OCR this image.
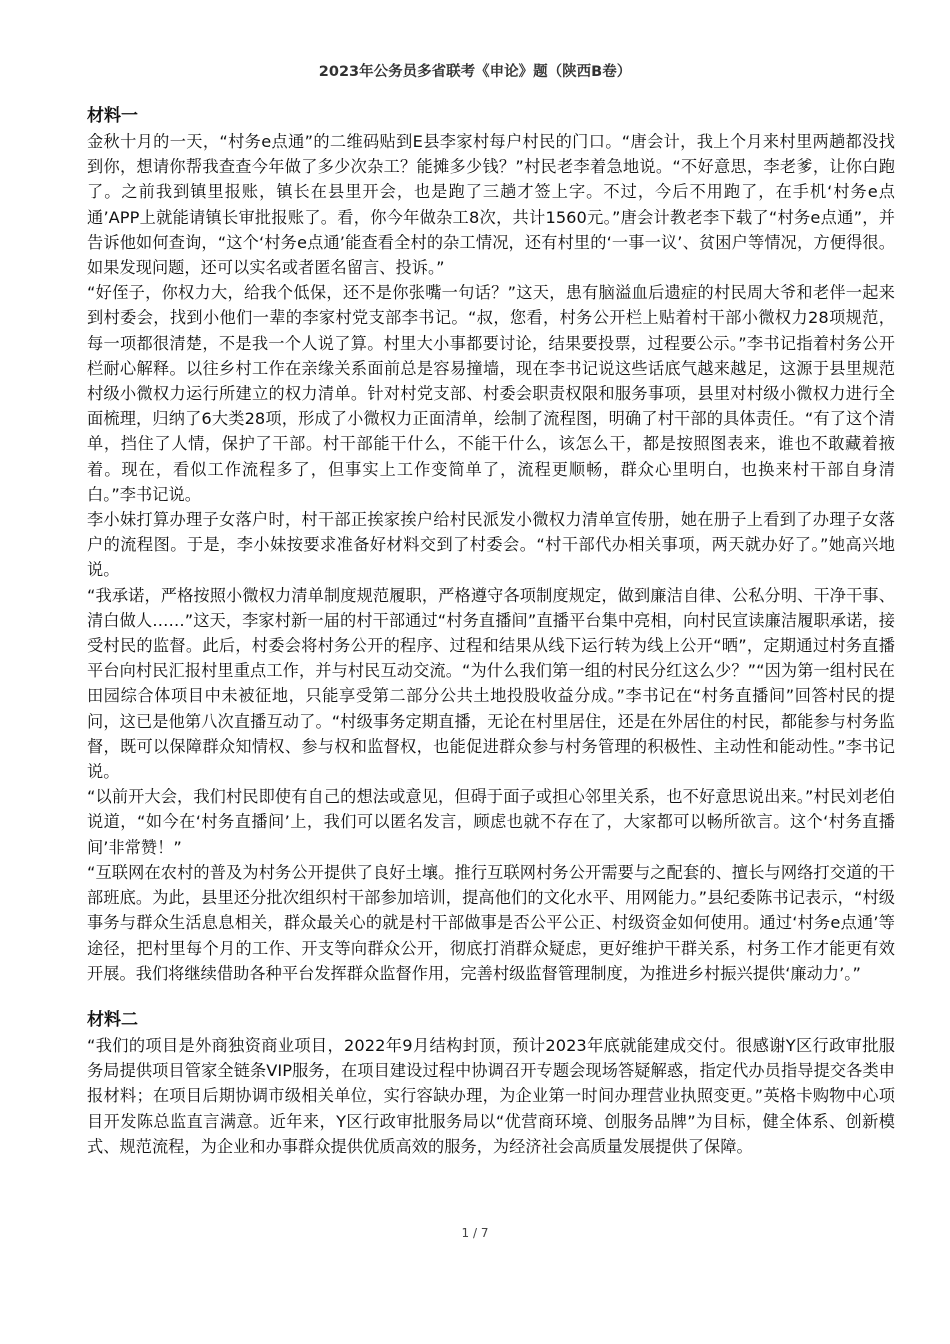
2023年公务员多省联考《申论》题（陕西B卷）

材料一

金秋十月的一天，“村务e点通”的二维码贴到E县李家村每户村民的门口。“唐会计，我上个月来村里两趟都没找到你，想请你帮我查查今年做了多少次杂工？能摊多少钱？”村民老李着急地说。“不好意思，李老爹，让你白跑了。之前我到镇里报账，镇长在县里开会，也是跑了三趟才签上字。不过，今后不用跑了，在手机‘村务e点通’APP上就能请镇长审批报账了。看，你今年做杂工8次，共计1560元。”唐会计教老李下载了“村务e点通”，并告诉他如何查询，“这个‘村务e点通’能查看全村的杂工情况，还有村里的‘一事一议’、贫困户等情况，方便得很。如果发现问题，还可以实名或者匿名留言、投诉。”

“好侄子，你权力大，给我个低保，还不是你张嘴一句话？”这天，患有脑溢血后遗症的村民周大爷和老伴一起来到村委会，找到小他们一辈的李家村党支部李书记。“叔，您看，村务公开栏上贴着村干部小微权力28项规范，每一项都很清楚，不是我一个人说了算。村里大小事都要讨论，结果要投票，过程要公示。”李书记指着村务公开栏耐心解释。以往乡村工作在亲缘关系面前总是容易撞墙，现在李书记说这些话底气越来越足，这源于县里规范村级小微权力运行所建立的权力清单。针对村党支部、村委会职责权限和服务事项，县里对村级小微权力进行全面梳理，归纳了6大类28项，形成了小微权力正面清单，绘制了流程图，明确了村干部的具体责任。“有了这个清单，挡住了人情，保护了干部。村干部能干什么，不能干什么，该怎么干，都是按照图表来，谁也不敢藏着掖着。现在，看似工作流程多了，但事实上工作变简单了，流程更顺畅，群众心里明白，也换来村干部自身清白。”李书记说。

李小妹打算办理子女落户时，村干部正挨家挨户给村民派发小微权力清单宣传册，她在册子上看到了办理子女落户的流程图。于是，李小妹按要求准备好材料交到了村委会。“村干部代办相关事项，两天就办好了。”她高兴地说。

“我承诺，严格按照小微权力清单制度规范履职，严格遵守各项制度规定，做到廉洁自律、公私分明、干净干事、清白做人……”这天，李家村新一届的村干部通过“村务直播间”直播平台集中亮相，向村民宣读廉洁履职承诺，接受村民的监督。此后，村委会将村务公开的程序、过程和结果从线下运行转为线上公开“晒”，定期通过村务直播平台向村民汇报村里重点工作，并与村民互动交流。“为什么我们第一组的村民分红这么少？”“因为第一组村民在田园综合体项目中未被征地，只能享受第二部分公共土地投股收益分成。”李书记在“村务直播间”回答村民的提问，这已是他第八次直播互动了。“村级事务定期直播，无论在村里居住，还是在外居住的村民，都能参与村务监督，既可以保障群众知情权、参与权和监督权，也能促进群众参与村务管理的积极性、主动性和能动性。”李书记说。

“以前开大会，我们村民即使有自己的想法或意见，但碍于面子或担心邻里关系，也不好意思说出来。”村民刘老伯说道，“如今在‘村务直播间’上，我们可以匿名发言，顾虑也就不存在了，大家都可以畅所欲言。这个‘村务直播间’非常赞！”

“互联网在农村的普及为村务公开提供了良好土壤。推行互联网村务公开需要与之配套的、擅长与网络打交道的干部班底。为此，县里还分批次组织村干部参加培训，提高他们的文化水平、用网能力。”县纪委陈书记表示，“村级事务与群众生活息息相关，群众最关心的就是村干部做事是否公平公正、村级资金如何使用。通过‘村务e点通’等途径，把村里每个月的工作、开支等向群众公开，彻底打消群众疑虑，更好维护干群关系，村务工作才能更有效开展。我们将继续借助各种平台发挥群众监督作用，完善村级监督管理制度，为推进乡村振兴提供‘廉动力’。”

材料二

“我们的项目是外商独资商业项目，2022年9月结构封顶，预计2023年底就能建成交付。很感谢Y区行政审批服务局提供项目管家全链条VIP服务，在项目建设过程中协调召开专题会现场答疑解惑，指定代办员指导提交各类申报材料；在项目后期协调市级相关单位，实行容缺办理，为企业第一时间办理营业执照变更。”英格卡购物中心项目开发陈总监直言满意。近年来，Y区行政审批服务局以“优营商环境、创服务品牌”为目标，健全体系、创新模式、规范流程，为企业和办事群众提供优质高效的服务，为经济社会高质量发展提供了保障。

1 / 7
